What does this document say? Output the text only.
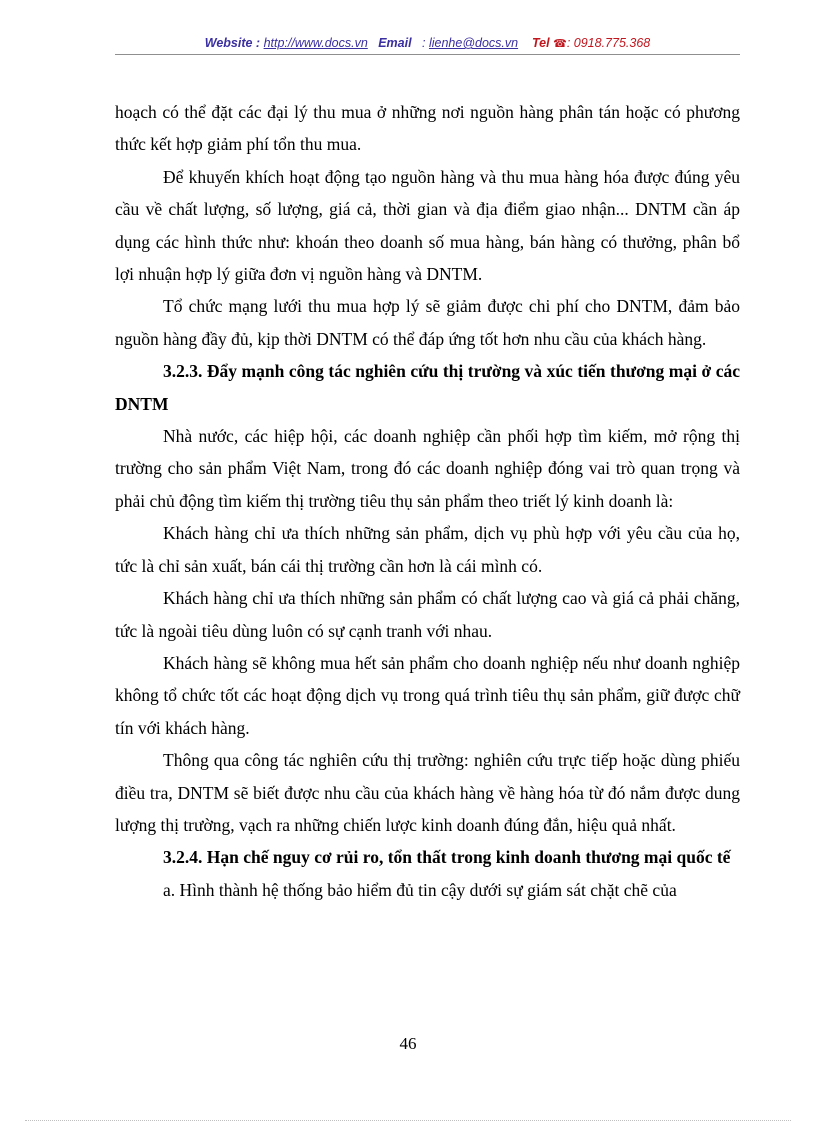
Website : http://www.docs.vn Email : lienhe@docs.vn Tel ☎: 0918.775.368

hoạch có thể đặt các đại lý thu mua ở những nơi nguồn hàng phân tán hoặc có phương thức kết hợp giảm phí tổn thu mua.

Để khuyến khích hoạt động tạo nguồn hàng và thu mua hàng hóa được đúng yêu cầu về chất lượng, số lượng, giá cả, thời gian và địa điểm giao nhận... DNTM cần áp dụng các hình thức như: khoán theo doanh số mua hàng, bán hàng có thưởng, phân bổ lợi nhuận hợp lý giữa đơn vị nguồn hàng và DNTM.

Tổ chức mạng lưới thu mua hợp lý sẽ giảm được chi phí cho DNTM, đảm bảo nguồn hàng đầy đủ, kịp thời DNTM có thể đáp ứng tốt hơn nhu cầu của khách hàng.

3.2.3. Đẩy mạnh công tác nghiên cứu thị trường và xúc tiến thương mại ở các DNTM

Nhà nước, các hiệp hội, các doanh nghiệp cần phối hợp tìm kiếm, mở rộng thị trường cho sản phẩm Việt Nam, trong đó các doanh nghiệp đóng vai trò quan trọng và phải chủ động tìm kiếm thị trường tiêu thụ sản phẩm theo triết lý kinh doanh là:

Khách hàng chỉ ưa thích những sản phẩm, dịch vụ phù hợp với yêu cầu của họ, tức là chỉ sản xuất, bán cái thị trường cần hơn là cái mình có.

Khách hàng chỉ ưa thích những sản phẩm có chất lượng cao và giá cả phải chăng, tức là ngoài tiêu dùng luôn có sự cạnh tranh với nhau.

Khách hàng sẽ không mua hết sản phẩm cho doanh nghiệp nếu như doanh nghiệp không tổ chức tốt các hoạt động dịch vụ trong quá trình tiêu thụ sản phẩm, giữ được chữ tín với khách hàng.

Thông qua công tác nghiên cứu thị trường: nghiên cứu trực tiếp hoặc dùng phiếu điều tra, DNTM sẽ biết được nhu cầu của khách hàng về hàng hóa từ đó nắm được dung lượng thị trường, vạch ra những chiến lược kinh doanh đúng đắn, hiệu quả nhất.

3.2.4. Hạn chế nguy cơ rủi ro, tổn thất trong kinh doanh thương mại quốc tế

a. Hình thành hệ thống bảo hiểm đủ tin cậy dưới sự giám sát chặt chẽ của

46
